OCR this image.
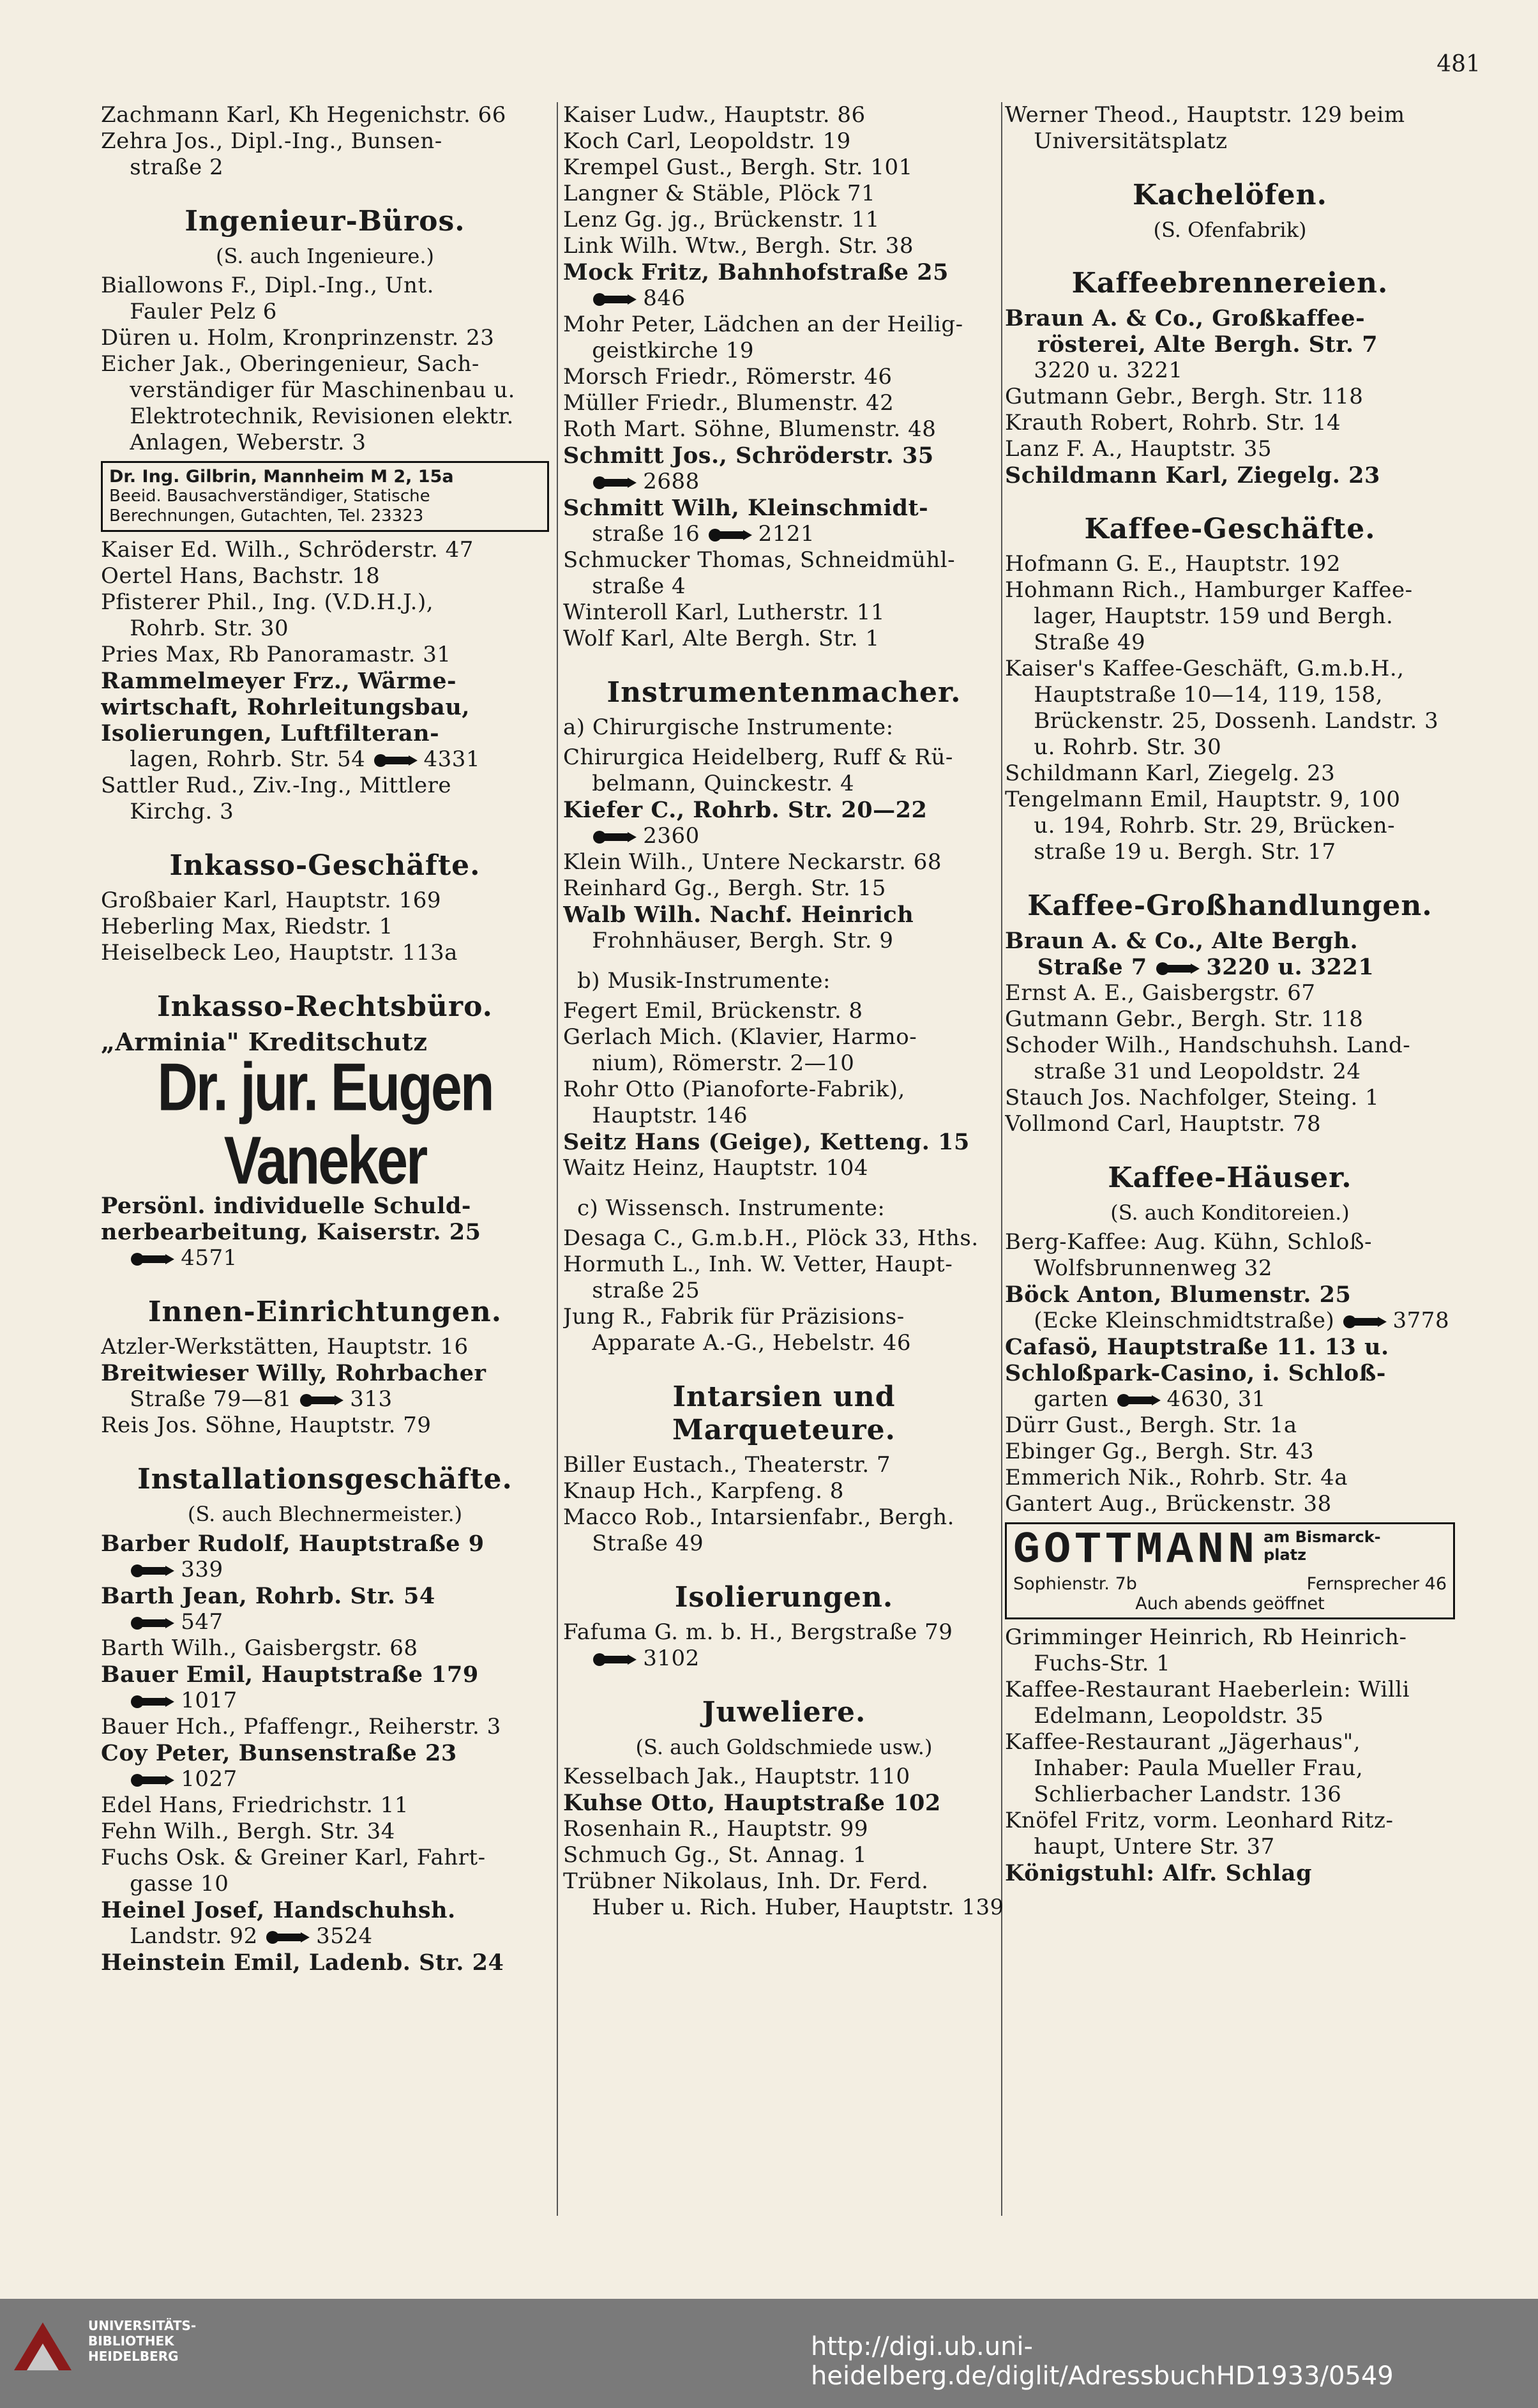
481
Zachmann Karl, Kh Hegenichstr. 66
Zehra Jos., Dipl.-Ing., Bunsen-
straße 2
Ingenieur-Büros.
(S. auch Ingenieure.)
Biallowons F., Dipl.-Ing., Unt.
Fauler Pelz 6
Düren u. Holm, Kronprinzenstr. 23
Eicher Jak., Oberingenieur, Sach-
verständiger für Maschinenbau u.
Elektrotechnik, Revisionen elektr.
Anlagen, Weberstr. 3
Dr. Ing. Gilbrin, Mannheim M 2, 15a
Beeid. Bausachverständiger, Statische
Berechnungen, Gutachten, Tel. 23323
Kaiser Ed. Wilh., Schröderstr. 47
Oertel Hans, Bachstr. 18
Pfisterer Phil., Ing. (V.D.H.J.),
Rohrb. Str. 30
Pries Max, Rb Panoramastr. 31
Rammelmeyer Frz., Wärme-
wirtschaft, Rohrleitungsbau,
Isolierungen, Luftfilteran-
lagen, Rohrb. Str. 54	4331
Sattler Rud., Ziv.-Ing., Mittlere
Kirchg. 3
Inkasso-Geschäfte.
Großbaier Karl, Hauptstr. 169
Heberling Max, Riedstr. 1
Heiselbeck Leo, Hauptstr. 113a
Inkasso-Rechtsbüro.
„Arminia" Kreditschutz
Dr. jur. Eugen Vaneker
Persönl. individuelle Schuld-
nerbearbeitung, Kaiserstr. 25
4571
Innen-Einrichtungen.
Atzler-Werkstätten, Hauptstr. 16
Breitwieser Willy, Rohrbacher
Straße 79—81	313
Reis Jos. Söhne, Hauptstr. 79
Installationsgeschäfte.
(S. auch Blechnermeister.)
Barber Rudolf, Hauptstraße 9
339
Barth Jean, Rohrb. Str. 54
547
Barth Wilh., Gaisbergstr. 68
Bauer Emil, Hauptstraße 179
1017
Bauer Hch., Pfaffengr., Reiherstr. 3
Coy Peter, Bunsenstraße 23
1027
Edel Hans, Friedrichstr. 11
Fehn Wilh., Bergh. Str. 34
Fuchs Osk. & Greiner Karl, Fahrt-
gasse 10
Heinel Josef, Handschuhsh.
Landstr. 92	3524
Heinstein Emil, Ladenb. Str. 24
Kaiser Ludw., Hauptstr. 86
Koch Carl, Leopoldstr. 19
Krempel Gust., Bergh. Str. 101
Langner & Stäble, Plöck 71
Lenz Gg. jg., Brückenstr. 11
Link Wilh. Wtw., Bergh. Str. 38
Mock Fritz, Bahnhofstraße 25
846
Mohr Peter, Lädchen an der Heilig-
geistkirche 19
Morsch Friedr., Römerstr. 46
Müller Friedr., Blumenstr. 42
Roth Mart. Söhne, Blumenstr. 48
Schmitt Jos., Schröderstr. 35
2688
Schmitt Wilh, Kleinschmidt-
straße 16	2121
Schmucker Thomas, Schneidmühl-
straße 4
Winteroll Karl, Lutherstr. 11
Wolf Karl, Alte Bergh. Str. 1
Instrumentenmacher.
a) Chirurgische Instrumente:
Chirurgica Heidelberg, Ruff & Rü-
belmann, Quinckestr. 4
Kiefer C., Rohrb. Str. 20—22
2360
Klein Wilh., Untere Neckarstr. 68
Reinhard Gg., Bergh. Str. 15
Walb Wilh. Nachf. Heinrich
Frohnhäuser, Bergh. Str. 9
b) Musik-Instrumente:
Fegert Emil, Brückenstr. 8
Gerlach Mich. (Klavier, Harmo-
nium), Römerstr. 2—10
Rohr Otto (Pianoforte-Fabrik),
Hauptstr. 146
Seitz Hans (Geige), Ketteng. 15
Waitz Heinz, Hauptstr. 104
c) Wissensch. Instrumente:
Desaga C., G.m.b.H., Plöck 33, Hths.
Hormuth L., Inh. W. Vetter, Haupt-
straße 25
Jung R., Fabrik für Präzisions-
Apparate A.-G., Hebelstr. 46
Intarsien und Marqueteure.
Biller Eustach., Theaterstr. 7
Knaup Hch., Karpfeng. 8
Macco Rob., Intarsienfabr., Bergh.
Straße 49
Isolierungen.
Fafuma G. m. b. H., Bergstraße 79
3102
Juweliere.
(S. auch Goldschmiede usw.)
Kesselbach Jak., Hauptstr. 110
Kuhse Otto, Hauptstraße 102
Rosenhain R., Hauptstr. 99
Schmuch Gg., St. Annag. 1
Trübner Nikolaus, Inh. Dr. Ferd.
Huber u. Rich. Huber, Hauptstr. 139
Werner Theod., Hauptstr. 129 beim
Universitätsplatz
Kachelöfen.
(S. Ofenfabrik)
Kaffeebrennereien.
Braun A. & Co., Großkaffee-
rösterei, Alte Bergh. Str. 7
3220 u. 3221
Gutmann Gebr., Bergh. Str. 118
Krauth Robert, Rohrb. Str. 14
Lanz F. A., Hauptstr. 35
Schildmann Karl, Ziegelg. 23
Kaffee-Geschäfte.
Hofmann G. E., Hauptstr. 192
Hohmann Rich., Hamburger Kaffee-
lager, Hauptstr. 159 und Bergh.
Straße 49
Kaiser's Kaffee-Geschäft, G.m.b.H.,
Hauptstraße 10—14, 119, 158,
Brückenstr. 25, Dossenh. Landstr. 3
u. Rohrb. Str. 30
Schildmann Karl, Ziegelg. 23
Tengelmann Emil, Hauptstr. 9, 100
u. 194, Rohrb. Str. 29, Brücken-
straße 19 u. Bergh. Str. 17
Kaffee-Großhandlungen.
Braun A. & Co., Alte Bergh.
Straße 7	3220 u. 3221
Ernst A. E., Gaisbergstr. 67
Gutmann Gebr., Bergh. Str. 118
Schoder Wilh., Handschuhsh. Land-
straße 31 und Leopoldstr. 24
Stauch Jos. Nachfolger, Steing. 1
Vollmond Carl, Hauptstr. 78
Kaffee-Häuser.
(S. auch Konditoreien.)
Berg-Kaffee: Aug. Kühn, Schloß-
Wolfsbrunnenweg 32
Böck Anton, Blumenstr. 25
(Ecke Kleinschmidtstraße)	3778
Cafasö, Hauptstraße 11. 13 u.
Schloßpark-Casino, i. Schloß-
garten	4630, 31
Dürr Gust., Bergh. Str. 1a
Ebinger Gg., Bergh. Str. 43
Emmerich Nik., Rohrb. Str. 4a
Gantert Aug., Brückenstr. 38
GOTTMANN am Bismarck-
platz
Sophienstr. 7b	Fernsprecher 46
Auch abends geöffnet
Grimminger Heinrich, Rb Heinrich-
Fuchs-Str. 1
Kaffee-Restaurant Haeberlein: Willi
Edelmann, Leopoldstr. 35
Kaffee-Restaurant „Jägerhaus",
Inhaber: Paula Mueller Frau,
Schlierbacher Landstr. 136
Knöfel Fritz, vorm. Leonhard Ritz-
haupt, Untere Str. 37
Königstuhl: Alfr. Schlag
UNIVERSITÄTS-
BIBLIOTHEK
HEIDELBERG	http://digi.ub.uni-heidelberg.de/diglit/AdressbuchHD1933/0549
